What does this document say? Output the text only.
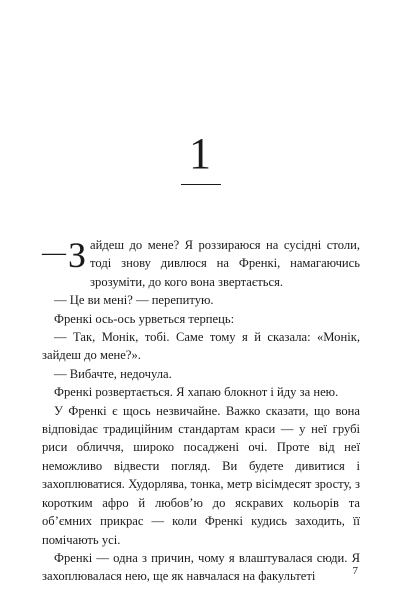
1

— З айдеш до мене? Я роззираюся на сусідні столи, тоді знову дивлюся на Френкі, намагаючись зрозуміти, до кого вона звертається.

— Це ви мені? — перепитую.

Френкі ось-ось урветься терпець:

— Так, Монік, тобі. Саме тому я й сказала: «Монік, зайдеш до мене?».

— Вибачте, недочула.

Френкі розвертається. Я хапаю блокнот і йду за нею.

У Френкі є щось незвичайне. Важко сказати, що вона відповідає традиційним стандартам краси — у неї грубі риси обличчя, широко посаджені очі. Проте від неї неможливо відвести погляд. Ви будете дивитися і захоплюватися. Худорлява, тонка, метр вісімдесят зросту, з коротким афро й любов’ю до яскравих кольорів та об’ємних прикрас — коли Френкі кудись заходить, її помічають усі.

Френкі — одна з причин, чому я влаштувалася сюди. Я захоплювалася нею, ще як навчалася на факультеті	7
